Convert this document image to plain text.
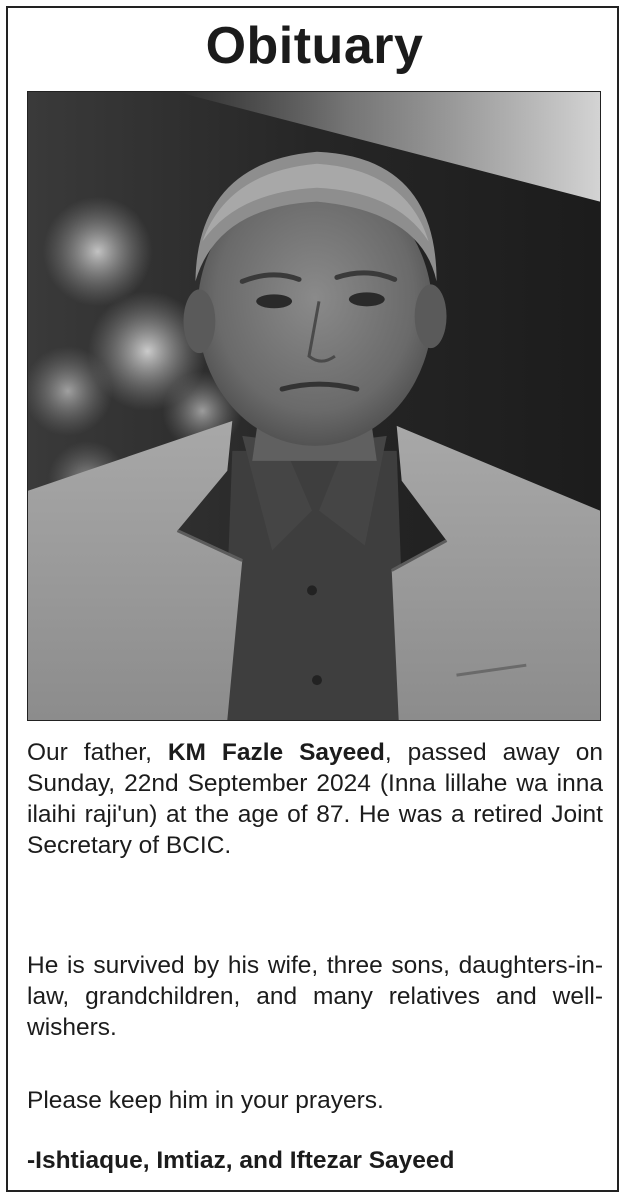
Obituary
Our father, KM Fazle Sayeed, passed away on Sunday, 22nd September 2024 (Inna lillahe wa inna ilaihi raji'un) at the age of 87. He was a retired Joint Secretary of BCIC.
He is survived by his wife, three sons, daughters-in-law, grandchildren, and many relatives and well-wishers.
Please keep him in your prayers.
-Ishtiaque, Imtiaz, and Iftezar Sayeed
